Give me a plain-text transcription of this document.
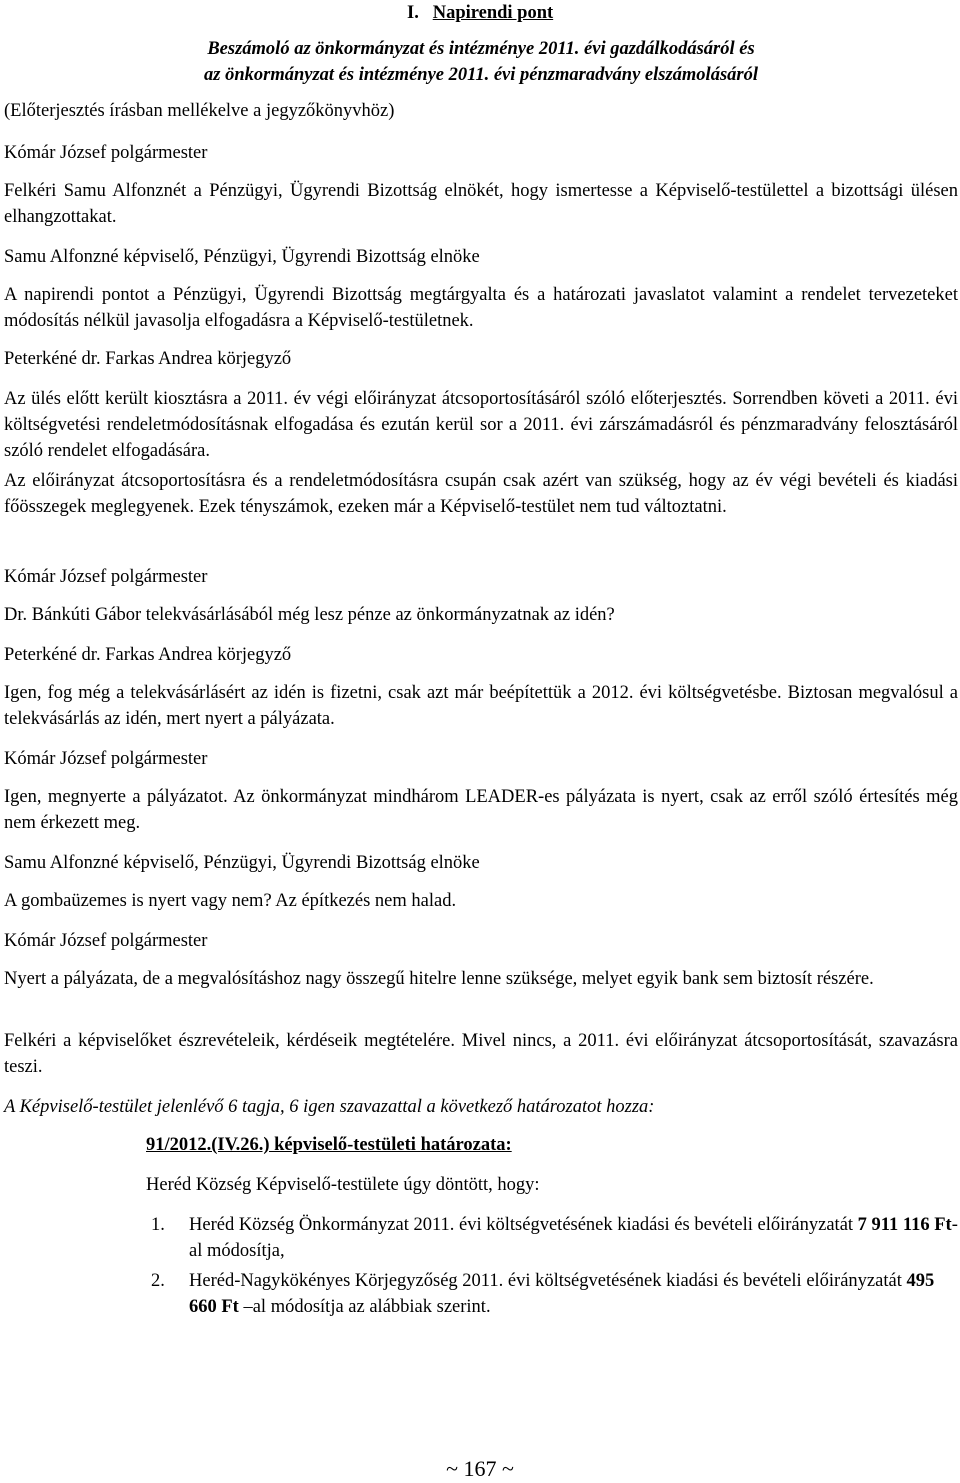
I. Napirendi pont
Beszámoló az önkormányzat és intézménye 2011. évi gazdálkodásáról és
az önkormányzat és intézménye 2011. évi pénzmaradvány elszámolásáról
(Előterjesztés írásban mellékelve a jegyzőkönyvhöz)
Kómár József polgármester
Felkéri Samu Alfonznét a Pénzügyi, Ügyrendi Bizottság elnökét, hogy ismertesse a Képviselő-testülettel a bizottsági ülésen elhangzottakat.
Samu Alfonzné képviselő, Pénzügyi, Ügyrendi Bizottság elnöke
A napirendi pontot a Pénzügyi, Ügyrendi Bizottság megtárgyalta és a határozati javaslatot valamint a rendelet tervezeteket módosítás nélkül javasolja elfogadásra a Képviselő-testületnek.
Peterkéné dr. Farkas Andrea körjegyző
Az ülés előtt került kiosztásra a 2011. év végi előirányzat átcsoportosításáról szóló előterjesztés. Sorrendben követi a 2011. évi költségvetési rendeletmódosításnak elfogadása és ezután kerül sor a 2011. évi zárszámadásról és pénzmaradvány felosztásáról szóló rendelet elfogadására.
Az előirányzat átcsoportosításra és a rendeletmódosításra csupán csak azért van szükség, hogy az év végi bevételi és kiadási főösszegek meglegyenek. Ezek tényszámok, ezeken már a Képviselő-testület nem tud változtatni.
Kómár József polgármester
Dr. Bánkúti Gábor telekvásárlásából még lesz pénze az önkormányzatnak az idén?
Peterkéné dr. Farkas Andrea körjegyző
Igen, fog még a telekvásárlásért az idén is fizetni, csak azt már beépítettük a 2012. évi költségvetésbe. Biztosan megvalósul a telekvásárlás az idén, mert nyert a pályázata.
Kómár József polgármester
Igen, megnyerte a pályázatot. Az önkormányzat mindhárom LEADER-es pályázata is nyert, csak az erről szóló értesítés még nem érkezett meg.
Samu Alfonzné képviselő, Pénzügyi, Ügyrendi Bizottság elnöke
A gombaüzemes is nyert vagy nem? Az építkezés nem halad.
Kómár József polgármester
Nyert a pályázata, de a megvalósításhoz nagy összegű hitelre lenne szüksége, melyet egyik bank sem biztosít részére.
Felkéri a képviselőket észrevételeik, kérdéseik megtételére. Mivel nincs, a 2011. évi előirányzat átcsoportosítását, szavazásra teszi.
A Képviselő-testület jelenlévő 6 tagja, 6 igen szavazattal a következő határozatot hozza:
91/2012.(IV.26.) képviselő-testületi határozata:
Heréd Község Képviselő-testülete úgy döntött, hogy:
1. Heréd Község Önkormányzat 2011. évi költségvetésének kiadási és bevételi előirányzatát 7 911 116 Ft-al módosítja,
2. Heréd-Nagykökényes Körjegyzőség 2011. évi költségvetésének kiadási és bevételi előirányzatát 495 660 Ft –al módosítja az alábbiak szerint.
~ 167 ~
